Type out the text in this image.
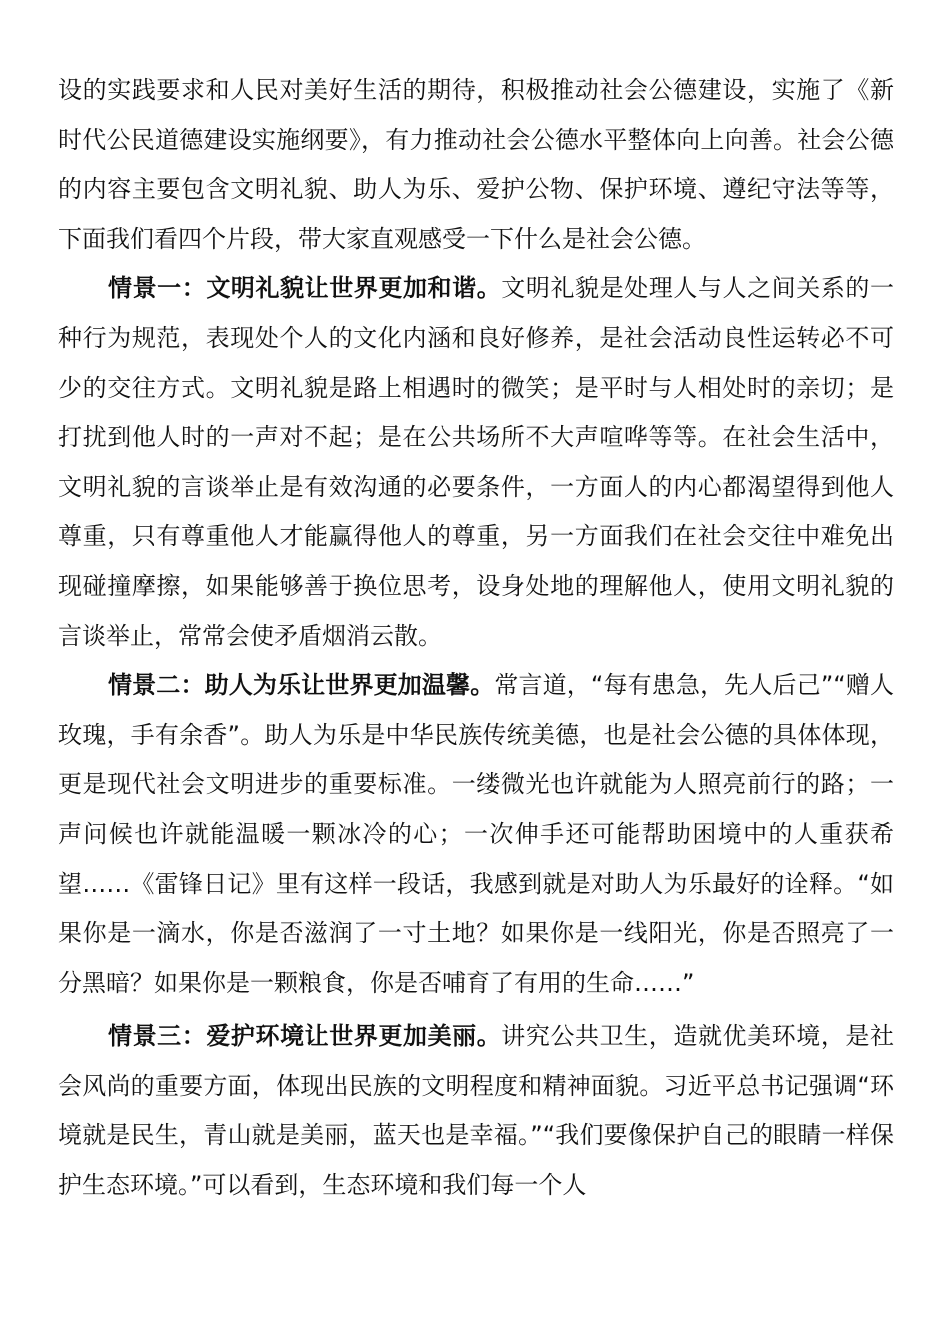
设的实践要求和人民对美好生活的期待，积极推动社会公德建设，实施了《新时代公民道德建设实施纲要》，有力推动社会公德水平整体向上向善。社会公德的内容主要包含文明礼貌、助人为乐、爱护公物、保护环境、遵纪守法等等，下面我们看四个片段，带大家直观感受一下什么是社会公德。

情景一：文明礼貌让世界更加和谐。文明礼貌是处理人与人之间关系的一种行为规范，表现处个人的文化内涵和良好修养，是社会活动良性运转必不可少的交往方式。文明礼貌是路上相遇时的微笑；是平时与人相处时的亲切；是打扰到他人时的一声对不起；是在公共场所不大声喧哗等等。在社会生活中，文明礼貌的言谈举止是有效沟通的必要条件，一方面人的内心都渴望得到他人尊重，只有尊重他人才能赢得他人的尊重，另一方面我们在社会交往中难免出现碰撞摩擦，如果能够善于换位思考，设身处地的理解他人，使用文明礼貌的言谈举止，常常会使矛盾烟消云散。

情景二：助人为乐让世界更加温馨。常言道，“每有患急，先人后己”“赠人玫瑰，手有余香”。助人为乐是中华民族传统美德，也是社会公德的具体体现，更是现代社会文明进步的重要标准。一缕微光也许就能为人照亮前行的路；一声问候也许就能温暖一颗冰冷的心；一次伸手还可能帮助困境中的人重获希望……《雷锋日记》里有这样一段话，我感到就是对助人为乐最好的诠释。“如果你是一滴水，你是否滋润了一寸土地？如果你是一线阳光，你是否照亮了一分黑暗？如果你是一颗粮食，你是否哺育了有用的生命……”

情景三：爱护环境让世界更加美丽。讲究公共卫生，造就优美环境，是社会风尚的重要方面，体现出民族的文明程度和精神面貌。习近平总书记强调“环境就是民生，青山就是美丽，蓝天也是幸福。”“我们要像保护自己的眼睛一样保护生态环境。”可以看到，生态环境和我们每一个人
